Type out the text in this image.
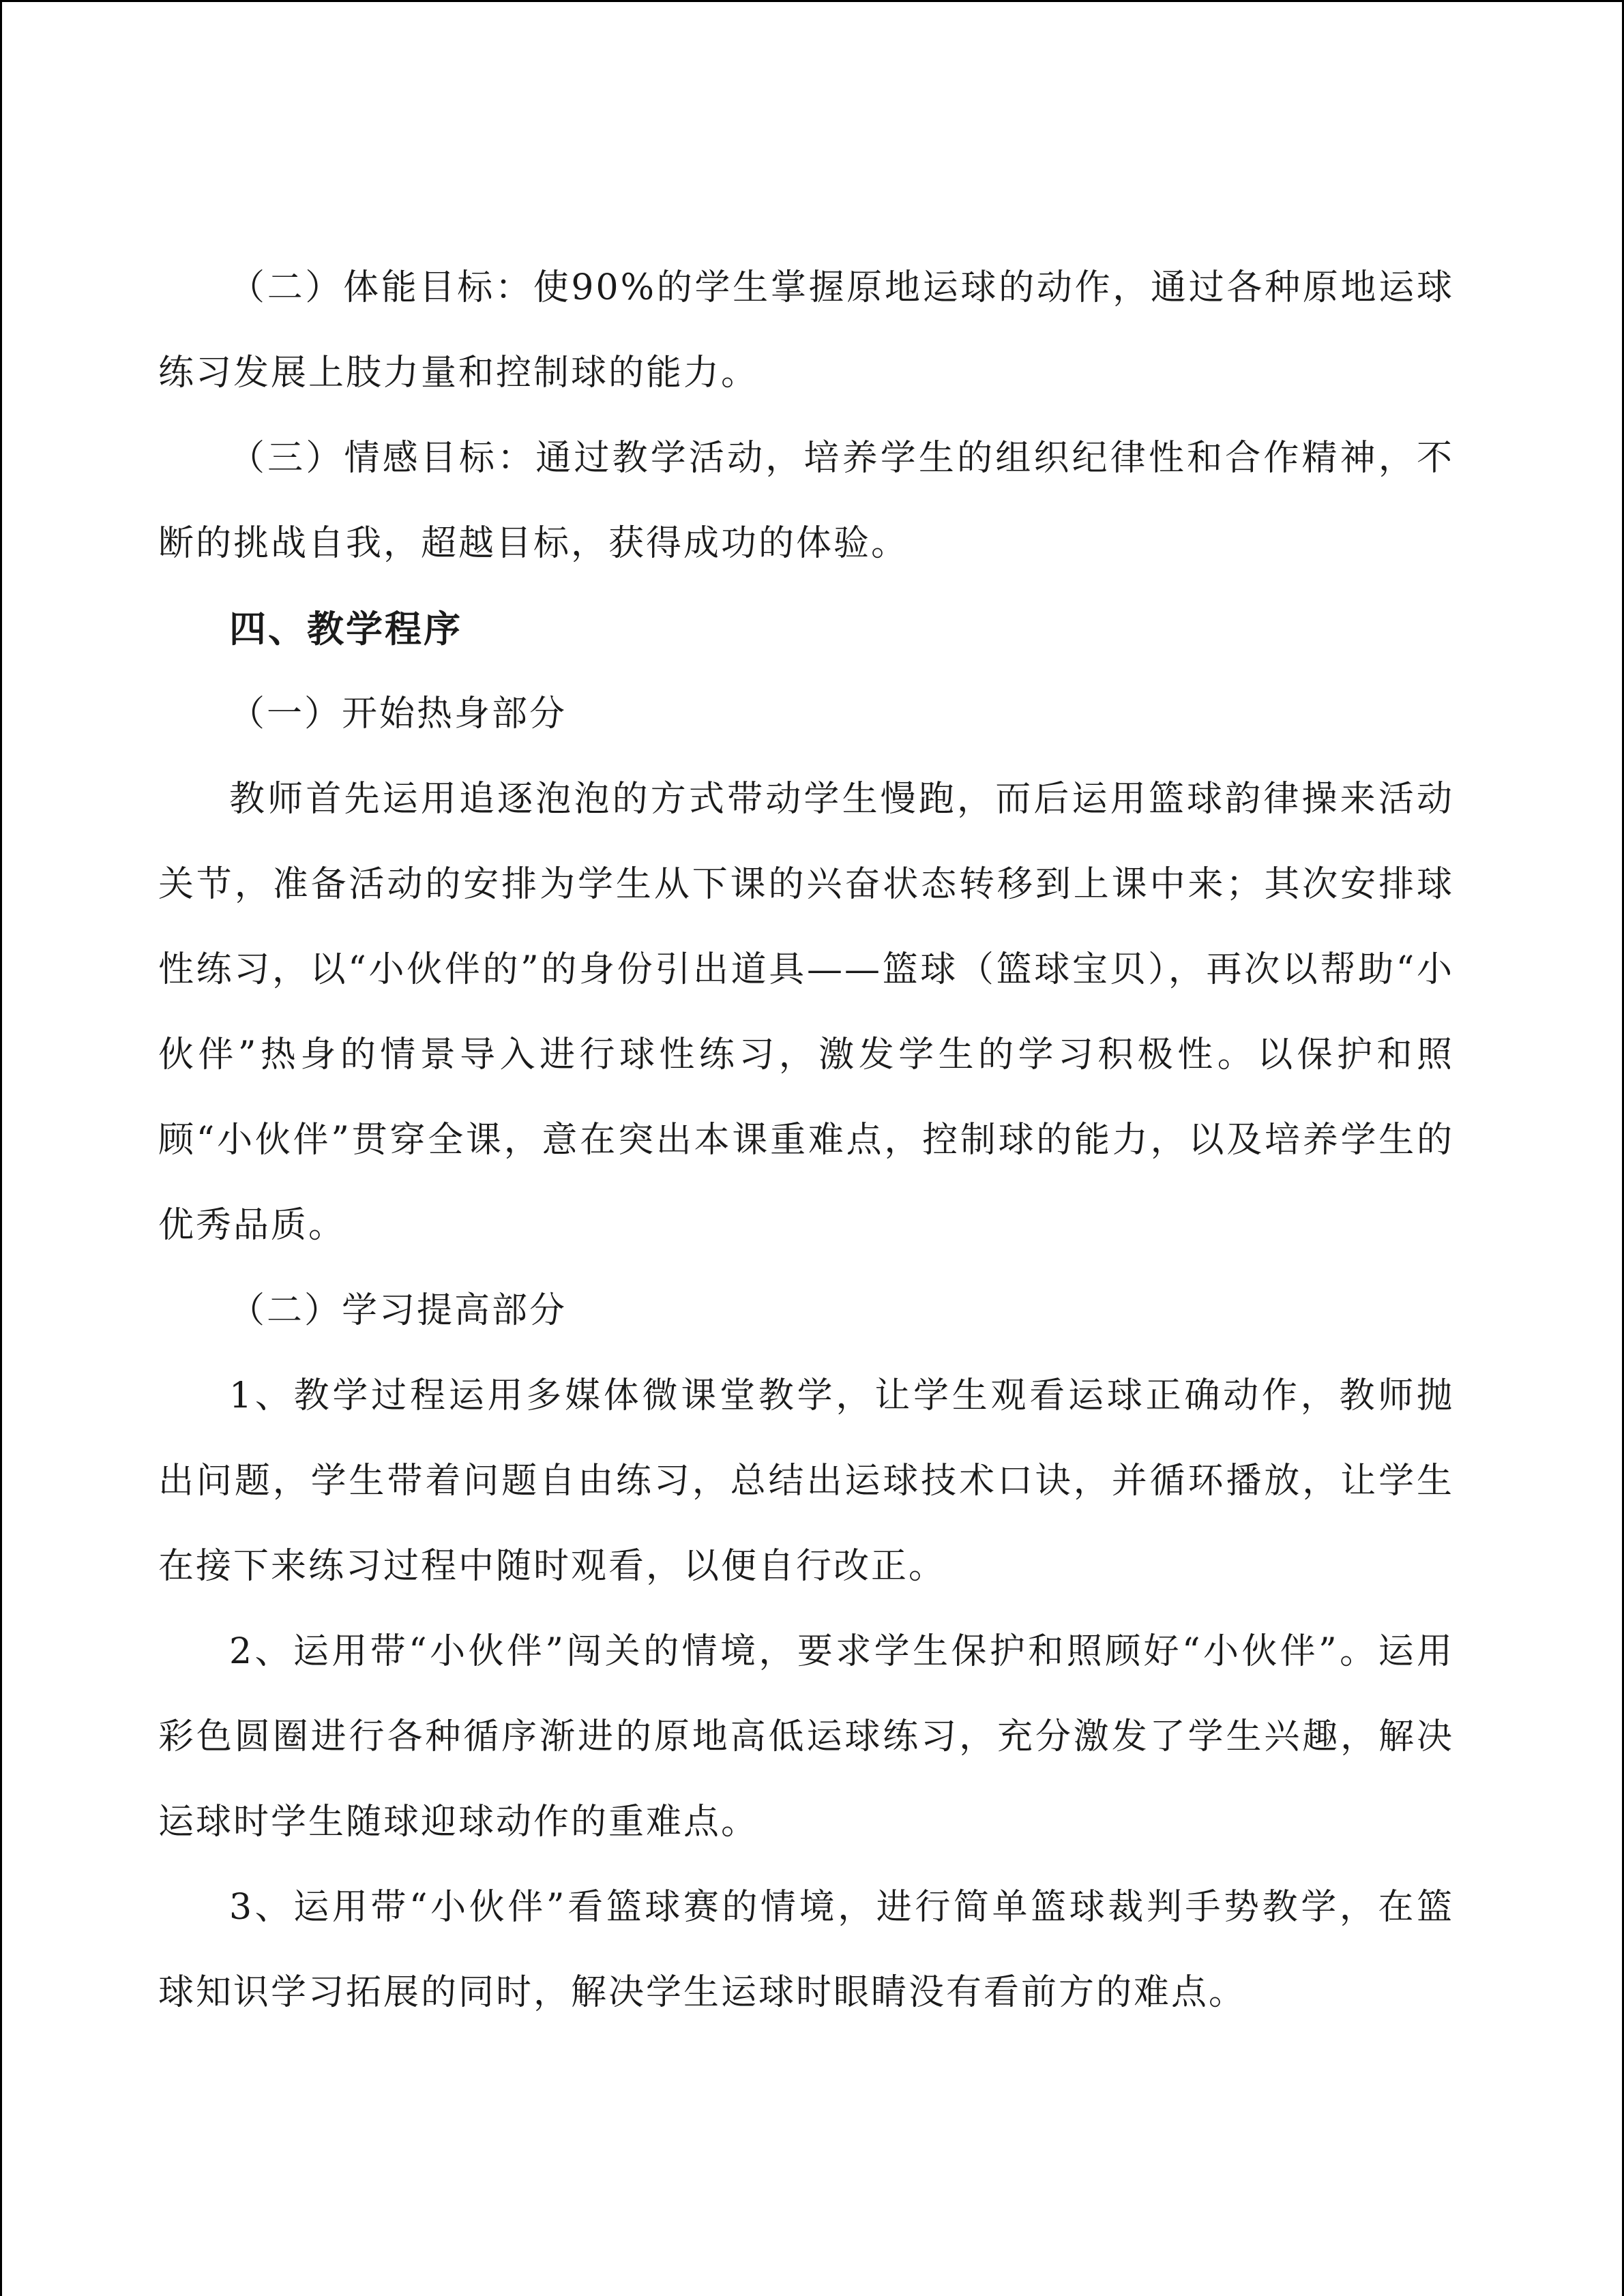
（二）体能目标：使90%的学生掌握原地运球的动作，通过各种原地运球练习发展上肢力量和控制球的能力。

（三）情感目标：通过教学活动，培养学生的组织纪律性和合作精神，不断的挑战自我，超越目标，获得成功的体验。

四、教学程序

（一）开始热身部分

教师首先运用追逐泡泡的方式带动学生慢跑，而后运用篮球韵律操来活动关节，准备活动的安排为学生从下课的兴奋状态转移到上课中来；其次安排球性练习，以“小伙伴的”的身份引出道具——篮球（篮球宝贝），再次以帮助“小伙伴”热身的情景导入进行球性练习，激发学生的学习积极性。以保护和照顾“小伙伴”贯穿全课，意在突出本课重难点，控制球的能力，以及培养学生的优秀品质。

（二）学习提高部分

1、教学过程运用多媒体微课堂教学，让学生观看运球正确动作，教师抛出问题，学生带着问题自由练习，总结出运球技术口诀，并循环播放，让学生在接下来练习过程中随时观看，以便自行改正。

2、运用带“小伙伴”闯关的情境，要求学生保护和照顾好“小伙伴”。运用彩色圆圈进行各种循序渐进的原地高低运球练习，充分激发了学生兴趣，解决运球时学生随球迎球动作的重难点。

3、运用带“小伙伴”看篮球赛的情境，进行简单篮球裁判手势教学，在篮球知识学习拓展的同时，解决学生运球时眼睛没有看前方的难点。
